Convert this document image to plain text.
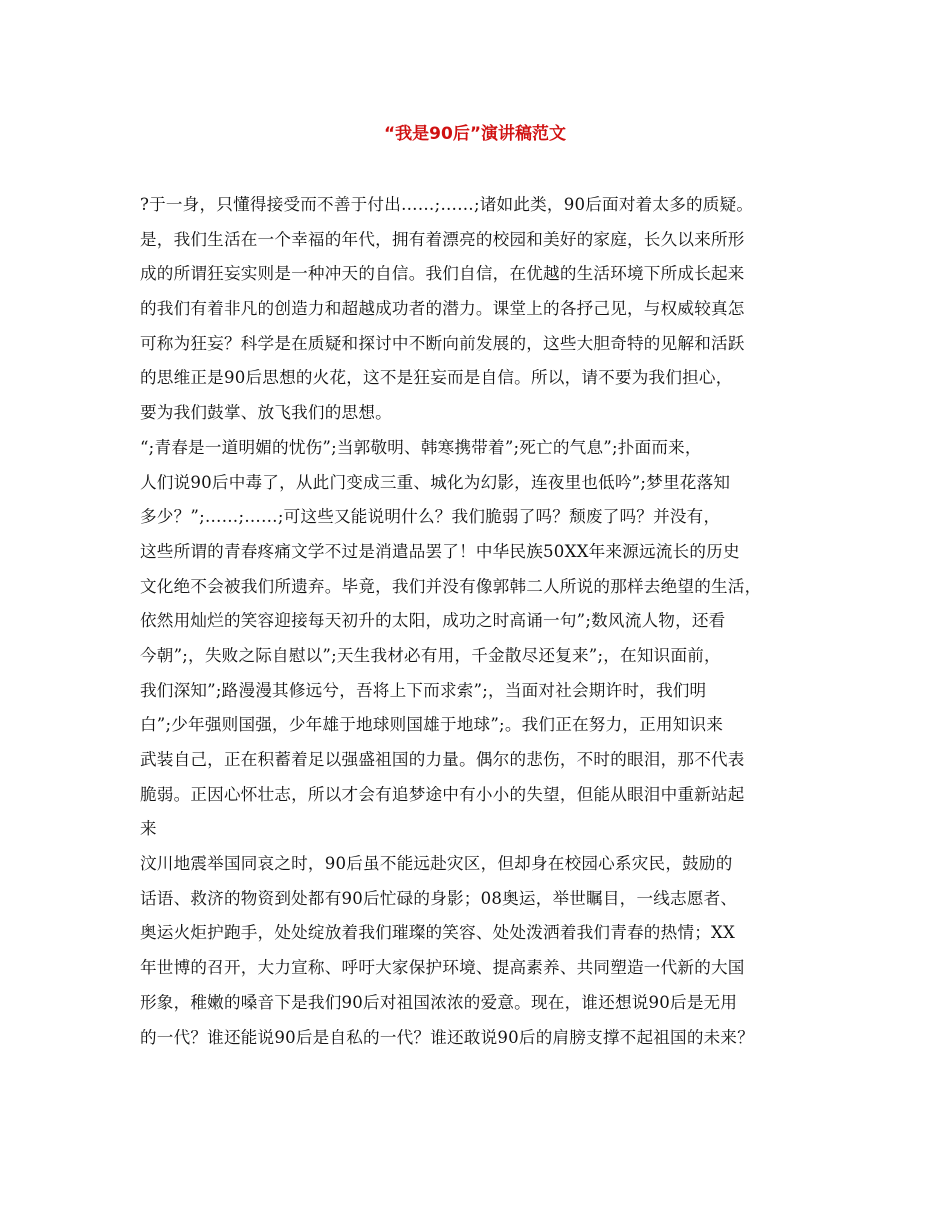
“我是90后”演讲稿范文
?于一身，只懂得接受而不善于付出……;……;诸如此类，90后面对着太多的质疑。
是，我们生活在一个幸福的年代，拥有着漂亮的校园和美好的家庭，长久以来所形
成的所谓狂妄实则是一种冲天的自信。我们自信，在优越的生活环境下所成长起来
的我们有着非凡的创造力和超越成功者的潜力。课堂上的各抒己见，与权威较真怎
可称为狂妄？科学是在质疑和探讨中不断向前发展的，这些大胆奇特的见解和活跃
的思维正是90后思想的火花，这不是狂妄而是自信。所以，请不要为我们担心，
要为我们鼓掌、放飞我们的思想。
“;青春是一道明媚的忧伤”;当郭敬明、韩寒携带着”;死亡的气息”;扑面而来，
人们说90后中毒了，从此门变成三重、城化为幻影，连夜里也低吟”;梦里花落知
多少？”;……;……;可这些又能说明什么？我们脆弱了吗？颓废了吗？并没有，
这些所谓的青春疼痛文学不过是消遣品罢了！中华民族50XX年来源远流长的历史
文化绝不会被我们所遗弃。毕竟，我们并没有像郭韩二人所说的那样去绝望的生活，
依然用灿烂的笑容迎接每天初升的太阳，成功之时高诵一句”;数风流人物，还看
今朝”;，失败之际自慰以”;天生我材必有用，千金散尽还复来”;，在知识面前，
我们深知”;路漫漫其修远兮，吾将上下而求索”;，当面对社会期许时，我们明
白”;少年强则国强，少年雄于地球则国雄于地球”;。我们正在努力，正用知识来
武装自己，正在积蓄着足以强盛祖国的力量。偶尔的悲伤，不时的眼泪，那不代表
脆弱。正因心怀壮志，所以才会有追梦途中有小小的失望，但能从眼泪中重新站起
来
汶川地震举国同哀之时，90后虽不能远赴灾区，但却身在校园心系灾民，鼓励的
话语、救济的物资到处都有90后忙碌的身影；08奥运，举世瞩目，一线志愿者、
奥运火炬护跑手，处处绽放着我们璀璨的笑容、处处泼洒着我们青春的热情；XX
年世博的召开，大力宣称、呼吁大家保护环境、提高素养、共同塑造一代新的大国
形象，稚嫩的嗓音下是我们90后对祖国浓浓的爱意。现在，谁还想说90后是无用
的一代？谁还能说90后是自私的一代？谁还敢说90后的肩膀支撑不起祖国的未来？
